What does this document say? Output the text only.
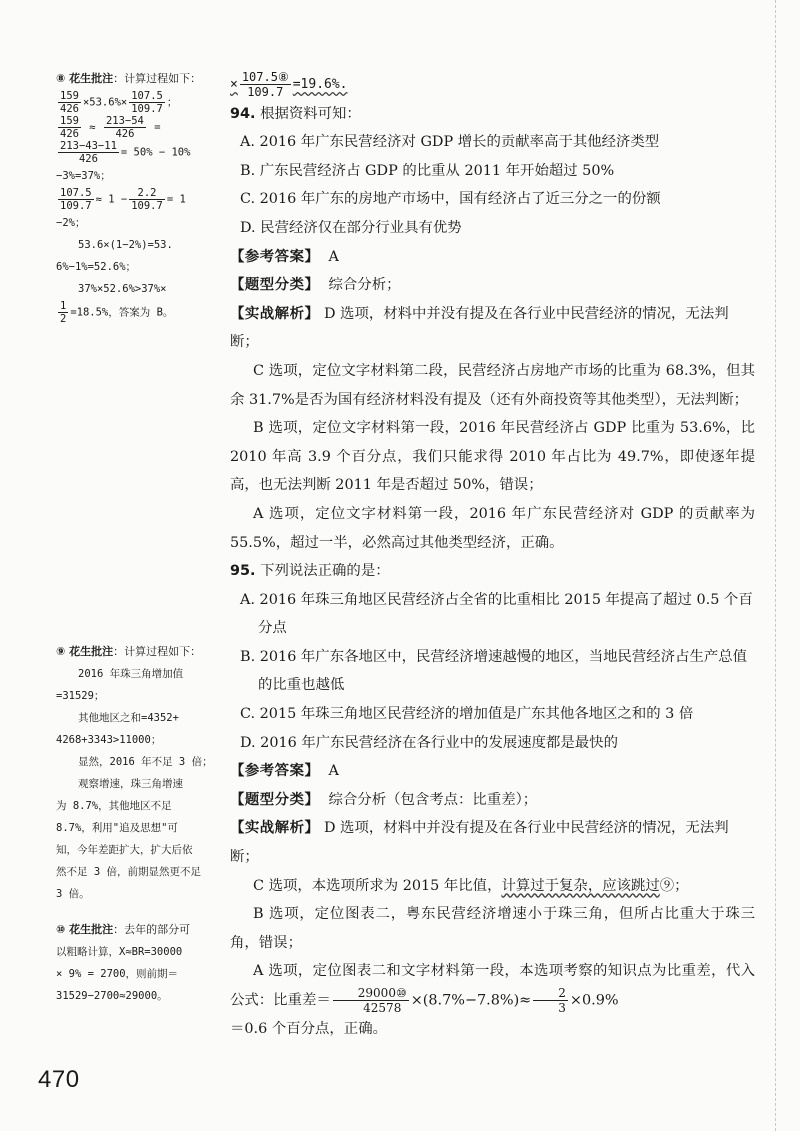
⑧ 花生批注：计算过程如下：
$\frac{159}{426} \times 53.6\%\times \frac{107.5}{109.7}$ ；
$\frac{159}{426} \approx \frac{213-54}{426}$ =
$\frac{213-43-11}{426} = 50\% - 10\%$
−3%=37%；
$\frac{107.5}{109.7} \approx 1 - \frac{2.2}{109.7} = 1$
−2%；
53.6×(1−2%)=53.
6%−1%=52.6%；
37%×52.6%>37%×
$\frac{1}{2} =18.5\%$，答案为 B。
⑨ 花生批注：计算过程如下：
2016 年珠三角增加值
=31529；
其他地区之和=4352+
4268+3343>11000；
显然，2016 年不足 3 倍；
观察增速，珠三角增速
为 8.7%，其他地区不足
8.7%，利用"追及思想"可
知，今年差距扩大，扩大后依
然不足 3 倍，前期显然更不足
3 倍。
⑩ 花生批注：去年的部分可
以粗略计算，X≈BR=30000
× 9% = 2700，则前期＝
31529−2700≈29000。
× $\frac{\text{107.5⑧}}{109.7} =19.6\%$.
94. 根据资料可知：
A. 2016 年广东民营经济对 GDP 增长的贡献率高于其他经济类型
B. 广东民营经济占 GDP 的比重从 2011 年开始超过 50%
C. 2016 年广东的房地产市场中，国有经济占了近三分之一的份额
D. 民营经济仅在部分行业具有优势
【参考答案】 A
【题型分类】 综合分析；
【实战解析】 D 选项，材料中并没有提及在各行业中民营经济的情况，无法判断；
C 选项，定位文字材料第二段，民营经济占房地产市场的比重为 68.3%，但其余 31.7%是否为国有经济材料没有提及（还有外商投资等其他类型），无法判断；
B 选项，定位文字材料第一段，2016 年民营经济占 GDP 比重为 53.6%，比 2010 年高 3.9 个百分点，我们只能求得 2010 年占比为 49.7%，即使逐年提高，也无法判断 2011 年是否超过 50%，错误；
A 选项，定位文字材料第一段，2016 年广东民营经济对 GDP 的贡献率为 55.5%，超过一半，必然高过其他类型经济，正确。
95. 下列说法正确的是：
A. 2016 年珠三角地区民营经济占全省的比重相比 2015 年提高了超过 0.5 个百分点
B. 2016 年广东各地区中，民营经济增速越慢的地区，当地民营经济占生产总值的比重也越低
C. 2015 年珠三角地区民营经济的增加值是广东其他各地区之和的 3 倍
D. 2016 年广东民营经济在各行业中的发展速度都是最快的
【参考答案】 A
【题型分类】 综合分析（包含考点：比重差）；
【实战解析】 D 选项，材料中并没有提及在各行业中民营经济的情况，无法判断；
C 选项，本选项所求为 2015 年比值，计算过于复杂，应该跳过⑨；
B 选项，定位图表二，粤东民营经济增速小于珠三角，但所占比重大于珠三角，错误；
A 选项，定位图表二和文字材料第一段，本选项考察的知识点为比重差，代入公式：比重差＝ $\frac{\text{29000⑩}}{42578} \times(8.7\%-7.8\%)\approx \frac{2}{3} \times 0.9\%$
＝0.6 个百分点，正确。
470
